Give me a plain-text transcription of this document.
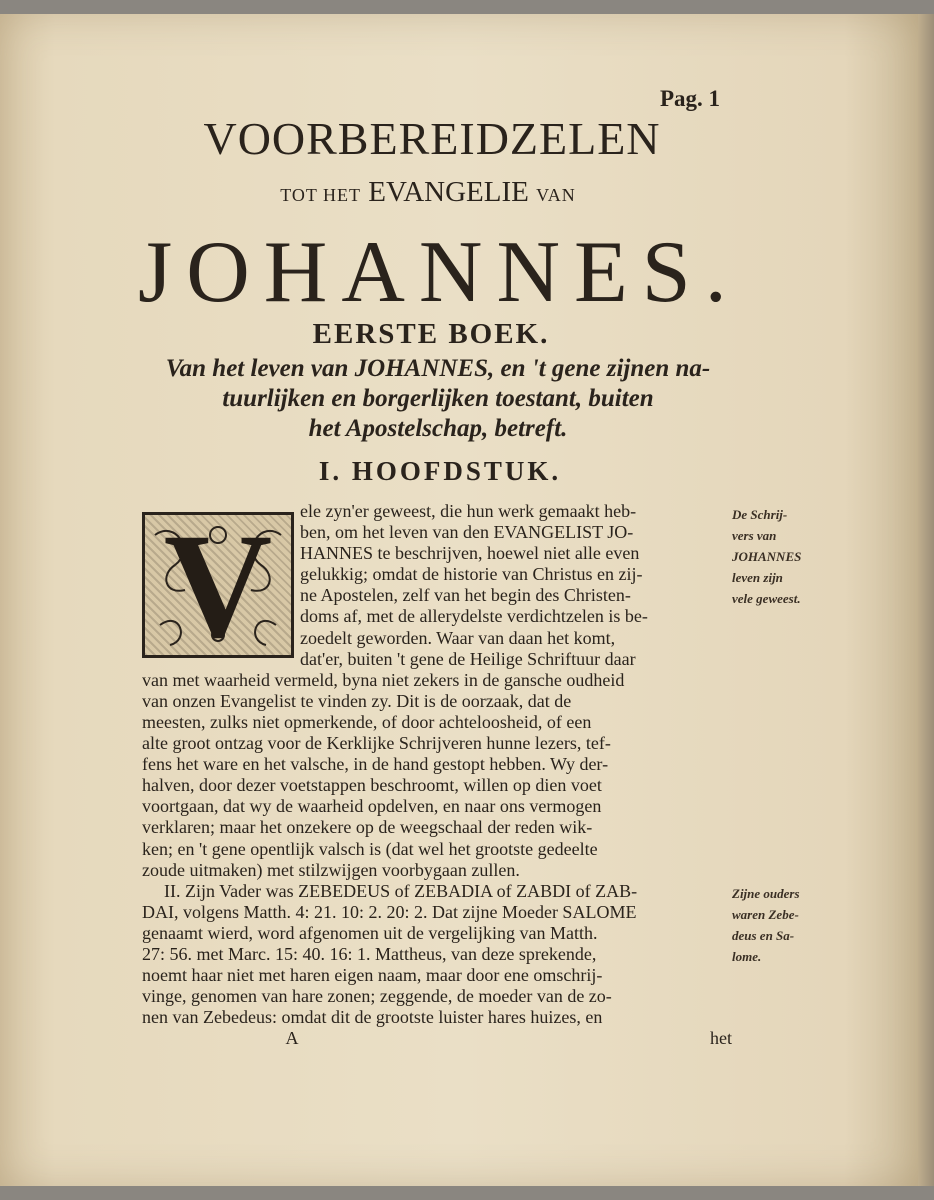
Pag. 1
VOORBEREIDZELEN
TOT HET EVANGELIE VAN
JOHANNES.
EERSTE BOEK.
Van het leven van JOHANNES, en 't gene zijnen na-
tuurlijken en borgerlijken toestant, buiten
het Apostelschap, betreft.
I. HOOFDSTUK.
V	ele zyn'er geweest, die hun werk gemaakt heb-
ben, om het leven van den EVANGELIST JO-
HANNES te beschrijven, hoewel niet alle even
gelukkig; omdat de historie van Christus en zij-
ne Apostelen, zelf van het begin des Christen-
doms af, met de allerydelste verdichtzelen is be-
zoedelt geworden. Waar van daan het komt,
dat'er, buiten 't gene de Heilige Schriftuur daar
van met waarheid vermeld, byna niet zekers in de gansche oudheid
van onzen Evangelist te vinden zy. Dit is de oorzaak, dat de
meesten, zulks niet opmerkende, of door achteloosheid, of een
alte groot ontzag voor de Kerklijke Schrijveren hunne lezers, tef-
fens het ware en het valsche, in de hand gestopt hebben. Wy der-
halven, door dezer voetstappen beschroomt, willen op dien voet
voortgaan, dat wy de waarheid opdelven, en naar ons vermogen
verklaren; maar het onzekere op de weegschaal der reden wik-
ken; en 't gene opentlijk valsch is (dat wel het grootste gedeelte
zoude uitmaken) met stilzwijgen voorbygaan zullen.
II. Zijn Vader was ZEBEDEUS of ZEBADIA of ZABDI of ZAB-
DAI, volgens Matth. 4: 21. 10: 2. 20: 2. Dat zijne Moeder SALOME
genaamt wierd, word afgenomen uit de vergelijking van Matth.
27: 56. met Marc. 15: 40. 16: 1. Mattheus, van deze sprekende,
noemt haar niet met haren eigen naam, maar door ene omschrij-
vinge, genomen van hare zonen; zeggende, de moeder van de zo-
nen van Zebedeus: omdat dit de grootste luister hares huizes, en
A	het
De Schrij-
vers van
JOHANNES
leven zijn
vele geweest.
Zijne ouders
waren Zebe-
deus en Sa-
lome.
